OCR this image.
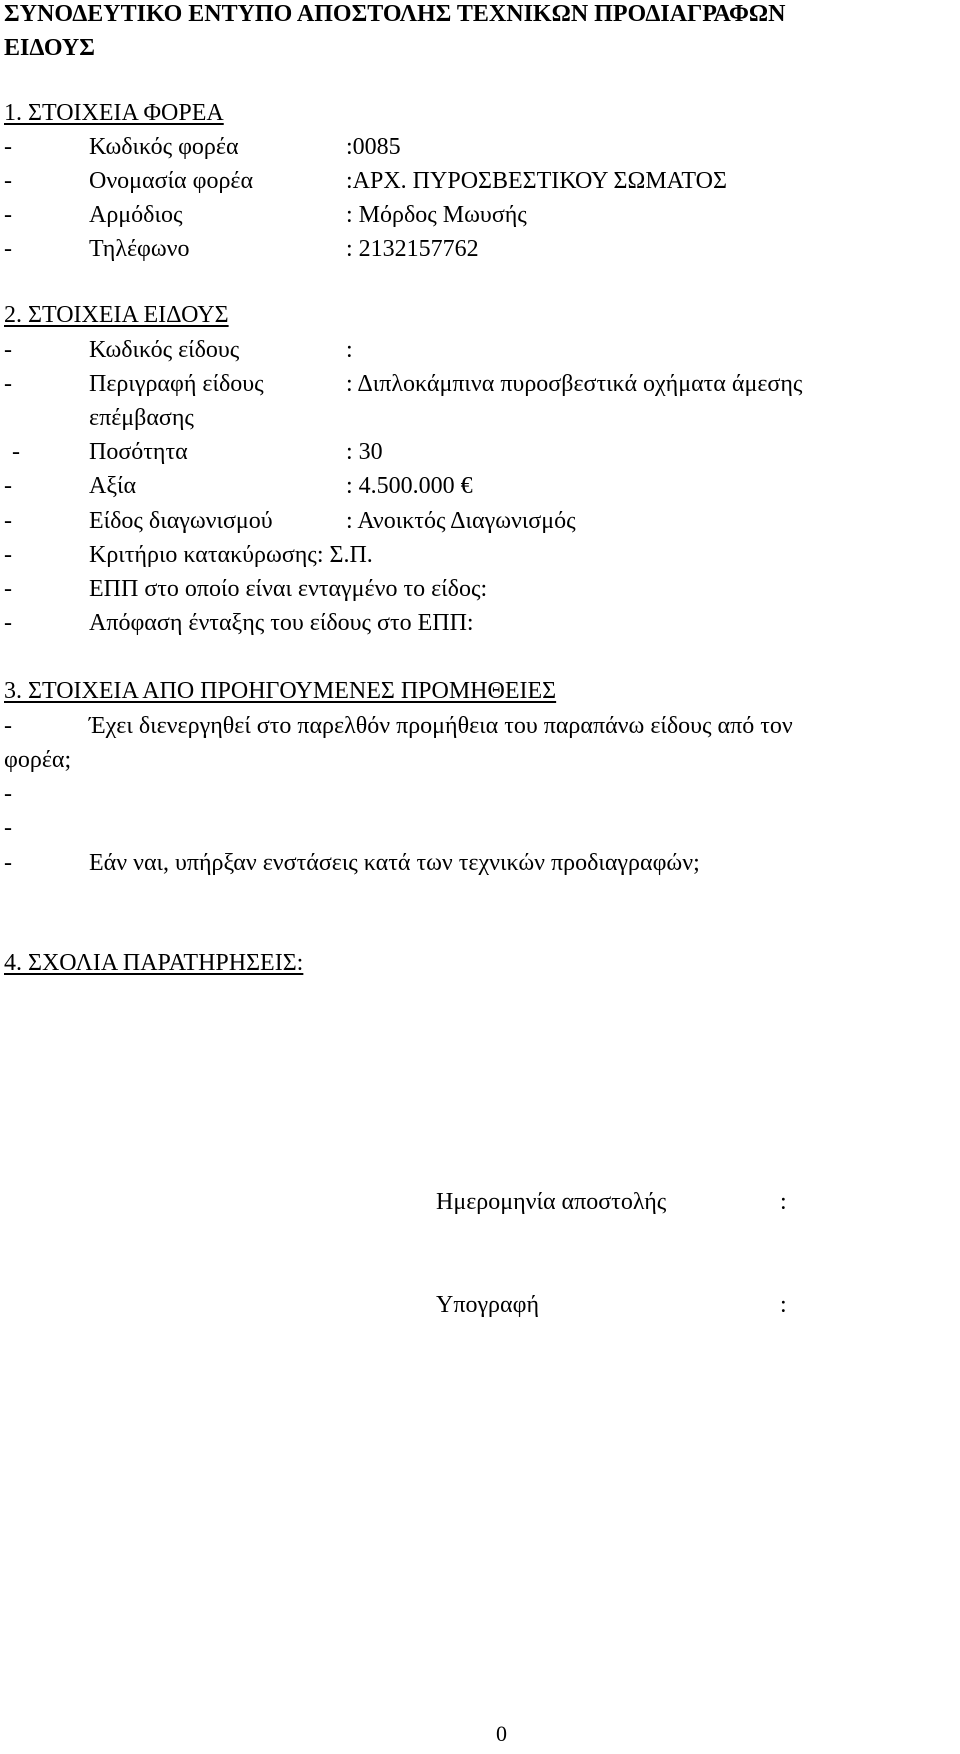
ΣΥΝΟΔΕΥΤΙΚΟ ΕΝΤΥΠΟ ΑΠΟΣΤΟΛΗΣ ΤΕΧΝΙΚΩΝ ΠΡΟΔΙΑΓΡΑΦΩΝ
ΕΙΔΟΥΣ
1. ΣΤΟΙΧΕΙΑ ΦΟΡΕΑ
-	Κωδικός φορέα	:0085
-	Ονομασία φορέα	:ΑΡΧ. ΠΥΡΟΣΒΕΣΤΙΚΟΥ ΣΩΜΑΤΟΣ
-	Αρμόδιος	: Μόρδος Μωυσής
-	Τηλέφωνο	: 2132157762
2. ΣΤΟΙΧΕΙΑ ΕΙΔΟΥΣ
-	Κωδικός είδους	:
-	Περιγραφή είδους	: Διπλοκάμπινα πυροσβεστικά οχήματα άμεσης
επέμβασης
-	Ποσότητα	: 30
-	Αξία	: 4.500.000 €
-	Είδος διαγωνισμού	: Ανοικτός Διαγωνισμός
-	Κριτήριο κατακύρωσης: Σ.Π.
-	ΕΠΠ στο οποίο είναι ενταγμένο το είδος:
-	Απόφαση ένταξης του είδους στο ΕΠΠ:
3. ΣΤΟΙΧΕΙΑ ΑΠΟ ΠΡΟΗΓΟΥΜΕΝΕΣ ΠΡΟΜΗΘΕΙΕΣ
-	Έχει διενεργηθεί στο παρελθόν προμήθεια του παραπάνω είδους από τον
φορέα;
-
-
-	Εάν ναι, υπήρξαν ενστάσεις κατά των τεχνικών προδιαγραφών;
4. ΣΧΟΛΙΑ ΠΑΡΑΤΗΡΗΣΕΙΣ:
Ημερομηνία αποστολής	:
Υπογραφή	:
0
